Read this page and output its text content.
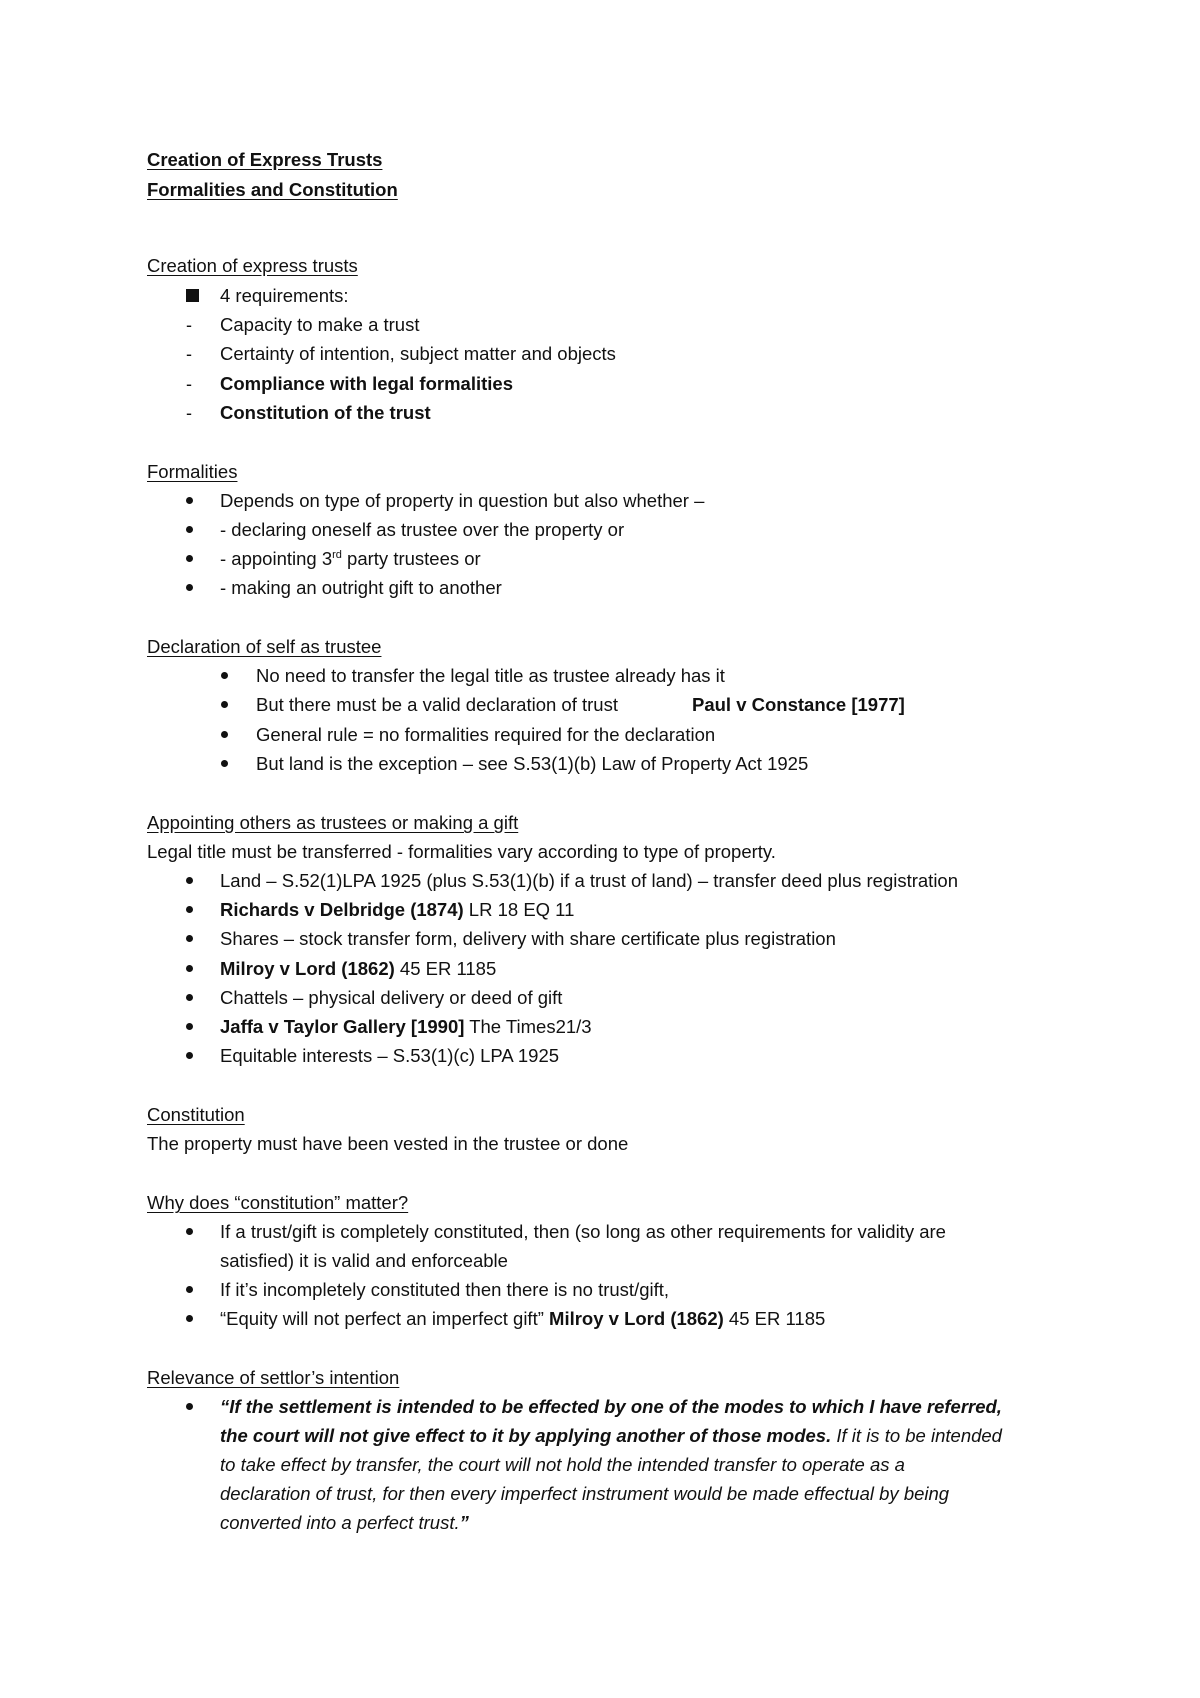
Creation of Express Trusts
Formalities and Constitution
Creation of express trusts
4 requirements:
- Capacity to make a trust
- Certainty of intention, subject matter and objects
- Compliance with legal formalities
- Constitution of the trust
Formalities
Depends on type of property in question but also whether –
- declaring oneself as trustee over the property or
- appointing 3rd party trustees or
- making an outright gift to another
Declaration of self as trustee
No need to transfer the legal title as trustee already has it
But there must be a valid declaration of trust	Paul v Constance [1977]
General rule = no formalities required for the declaration
But land is the exception – see S.53(1)(b) Law of Property Act 1925
Appointing others as trustees or making a gift
Legal title must be transferred - formalities vary according to type of property.
Land – S.52(1)LPA 1925 (plus S.53(1)(b) if a trust of land) – transfer deed plus registration
Richards v Delbridge (1874) LR 18 EQ 11
Shares – stock transfer form, delivery with share certificate plus registration
Milroy v Lord (1862) 45 ER 1185
Chattels – physical delivery or deed of gift
Jaffa v Taylor Gallery [1990] The Times21/3
Equitable interests – S.53(1)(c) LPA 1925
Constitution
The property must have been vested in the trustee or done
Why does “constitution” matter?
If a trust/gift is completely constituted, then (so long as other requirements for validity are
satisfied) it is valid and enforceable
If it’s incompletely constituted then there is no trust/gift,
“Equity will not perfect an imperfect gift” Milroy v Lord (1862) 45 ER 1185
Relevance of settlor’s intention
“If the settlement is intended to be effected by one of the modes to which I have referred,
the court will not give effect to it by applying another of those modes. If it is to be intended
to take effect by transfer, the court will not hold the intended transfer to operate as a
declaration of trust, for then every imperfect instrument would be made effectual by being
converted into a perfect trust.”
